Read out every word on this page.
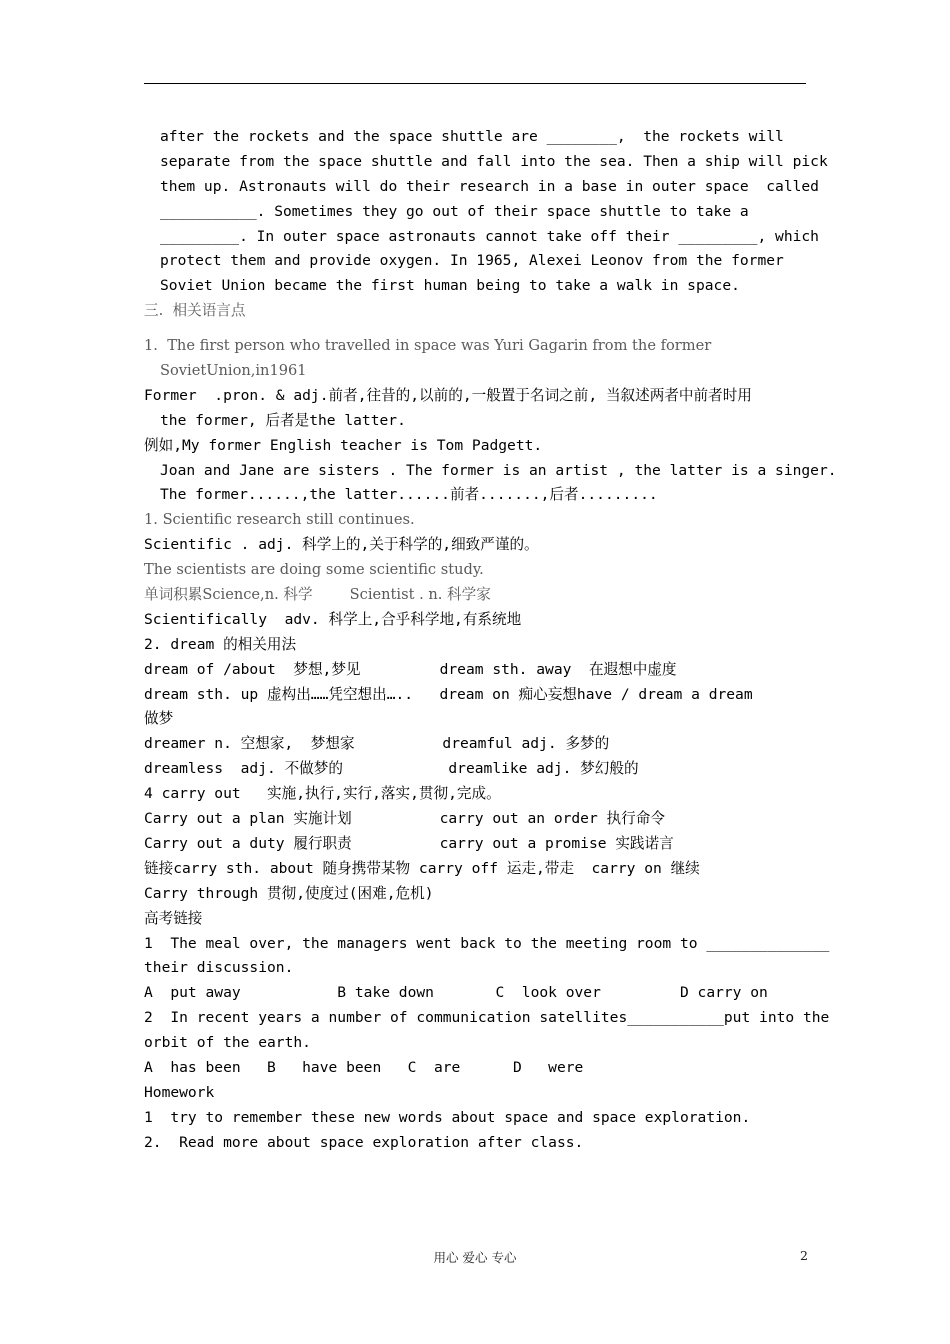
after the rockets and the space shuttle are ________,  the rockets will
separate from the space shuttle and fall into the sea. Then a ship will pick
them up. Astronauts will do their research in a base in outer space  called
___________. Sometimes they go out of their space shuttle to take a
_________. In outer space astronauts cannot take off their _________, which
protect them and provide oxygen. In 1965, Alexei Leonov from the former
Soviet Union became the first human being to take a walk in space.
三.  相关语言点
1.  The first person who travelled in space was Yuri Gagarin from the former
SovietUnion,in1961
Former  .pron. & adj.前者,往昔的,以前的,一般置于名词之前, 当叙述两者中前者时用
the former, 后者是the latter.
例如,My former English teacher is Tom Padgett.
Joan and Jane are sisters . The former is an artist , the latter is a singer.
The former......,the latter......前者.......,后者.........
1. Scientific research still continues.
Scientific . adj. 科学上的,关于科学的,细致严谨的。
The scientists are doing some scientific study.
单词积累Science,n. 科学        Scientist . n. 科学家
Scientifically  adv. 科学上,合乎科学地,有系统地
2. dream 的相关用法
dream of /about  梦想,梦见         dream sth. away  在遐想中虚度
dream sth. up 虚构出……凭空想出…..   dream on 痴心妄想have / dream a dream
做梦
dreamer n. 空想家,  梦想家          dreamful adj. 多梦的
dreamless  adj. 不做梦的            dreamlike adj. 梦幻般的
4 carry out   实施,执行,实行,落实,贯彻,完成。
Carry out a plan 实施计划          carry out an order 执行命令
Carry out a duty 履行职责          carry out a promise 实践诺言
链接carry sth. about 随身携带某物 carry off 运走,带走  carry on 继续
Carry through 贯彻,使度过(困难,危机)
高考链接
1  The meal over, the managers went back to the meeting room to ______________
their discussion.
A  put away           B take down       C  look over         D carry on
2  In recent years a number of communication satellites___________put into the
orbit of the earth.
A  has been   B   have been   C  are      D   were
Homework
1  try to remember these new words about space and space exploration.
2.  Read more about space exploration after class.
用心 爱心 专心	2
